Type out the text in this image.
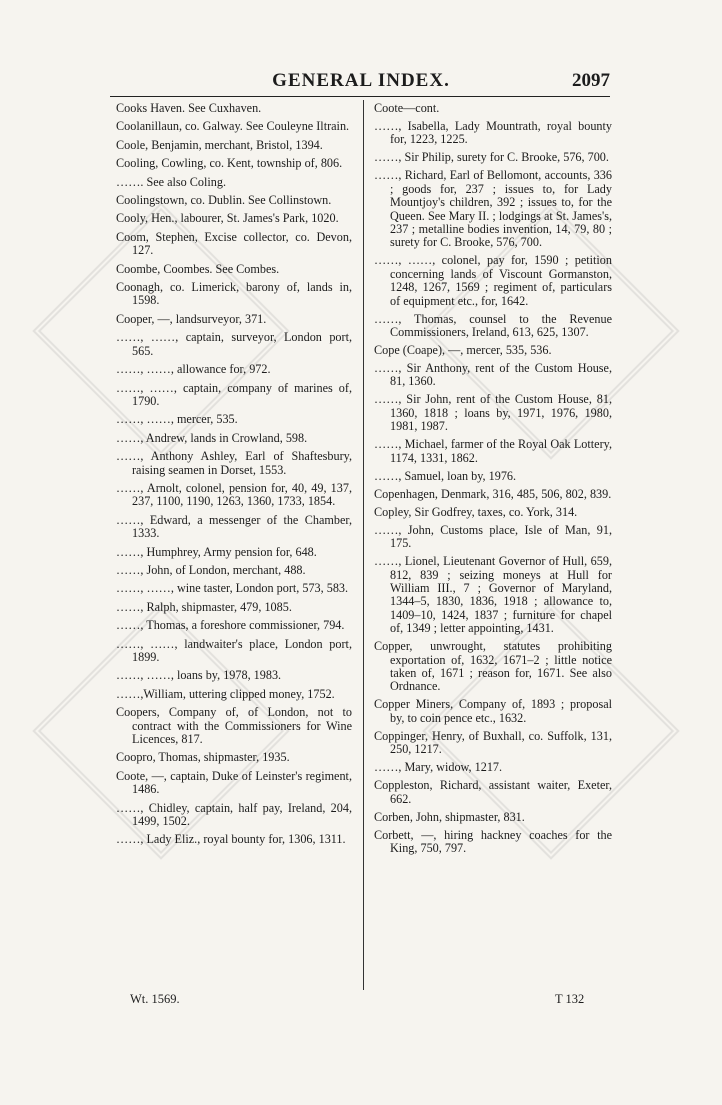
GENERAL INDEX.	2097

Cooks Haven. See Cuxhaven.

Coolanillaun, co. Galway. See Couleyne Iltrain.

Coole, Benjamin, merchant, Bristol, 1394.

Cooling, Cowling, co. Kent, township of, 806.

……. See also Coling.

Coolingstown, co. Dublin. See Collinstown.

Cooly, Hen., labourer, St. James's Park, 1020.

Coom, Stephen, Excise collector, co. Devon, 127.

Coombe, Coombes. See Combes.

Coonagh, co. Limerick, barony of, lands in, 1598.

Cooper, —, landsurveyor, 371.

……, ……, captain, surveyor, London port, 565.

……, ……, allowance for, 972.

……, ……, captain, company of marines of, 1790.

……, ……, mercer, 535.

……, Andrew, lands in Crowland, 598.

……, Anthony Ashley, Earl of Shaftesbury, raising seamen in Dorset, 1553.

……, Arnolt, colonel, pension for, 40, 49, 137, 237, 1100, 1190, 1263, 1360, 1733, 1854.

……, Edward, a messenger of the Chamber, 1333.

……, Humphrey, Army pension for, 648.

……, John, of London, merchant, 488.

……, ……, wine taster, London port, 573, 583.

……, Ralph, shipmaster, 479, 1085.

……, Thomas, a foreshore commissioner, 794.

……, ……, landwaiter's place, London port, 1899.

……, ……, loans by, 1978, 1983.

……,William, uttering clipped money, 1752.

Coopers, Company of, of London, not to contract with the Commissioners for Wine Licences, 817.

Coopro, Thomas, shipmaster, 1935.

Coote, —, captain, Duke of Leinster's regiment, 1486.

……, Chidley, captain, half pay, Ireland, 204, 1499, 1502.

……, Lady Eliz., royal bounty for, 1306, 1311.

Coote—cont.

……, Isabella, Lady Mountrath, royal bounty for, 1223, 1225.

……, Sir Philip, surety for C. Brooke, 576, 700.

……, Richard, Earl of Bellomont, accounts, 336 ; goods for, 237 ; issues to, for Lady Mountjoy's children, 392 ; issues to, for the Queen. See Mary II. ; lodgings at St. James's, 237 ; metalline bodies invention, 14, 79, 80 ; surety for C. Brooke, 576, 700.

……, ……, colonel, pay for, 1590 ; petition concerning lands of Viscount Gormanston, 1248, 1267, 1569 ; regiment of, particulars of equipment etc., for, 1642.

……, Thomas, counsel to the Revenue Commissioners, Ireland, 613, 625, 1307.

Cope (Coape), —, mercer, 535, 536.

……, Sir Anthony, rent of the Custom House, 81, 1360.

……, Sir John, rent of the Custom House, 81, 1360, 1818 ; loans by, 1971, 1976, 1980, 1981, 1987.

……, Michael, farmer of the Royal Oak Lottery, 1174, 1331, 1862.

……, Samuel, loan by, 1976.

Copenhagen, Denmark, 316, 485, 506, 802, 839.

Copley, Sir Godfrey, taxes, co. York, 314.

……, John, Customs place, Isle of Man, 91, 175.

……, Lionel, Lieutenant Governor of Hull, 659, 812, 839 ; seizing moneys at Hull for William III., 7 ; Governor of Maryland, 1344–5, 1830, 1836, 1918 ; allowance to, 1409–10, 1424, 1837 ; furniture for chapel of, 1349 ; letter appointing, 1431.

Copper, unwrought, statutes prohibiting exportation of, 1632, 1671–2 ; little notice taken of, 1671 ; reason for, 1671. See also Ordnance.

Copper Miners, Company of, 1893 ; proposal by, to coin pence etc., 1632.

Coppinger, Henry, of Buxhall, co. Suffolk, 131, 250, 1217.

……, Mary, widow, 1217.

Coppleston, Richard, assistant waiter, Exeter, 662.

Corben, John, shipmaster, 831.

Corbett, —, hiring hackney coaches for the King, 750, 797.

Wt. 1569.	T 132
